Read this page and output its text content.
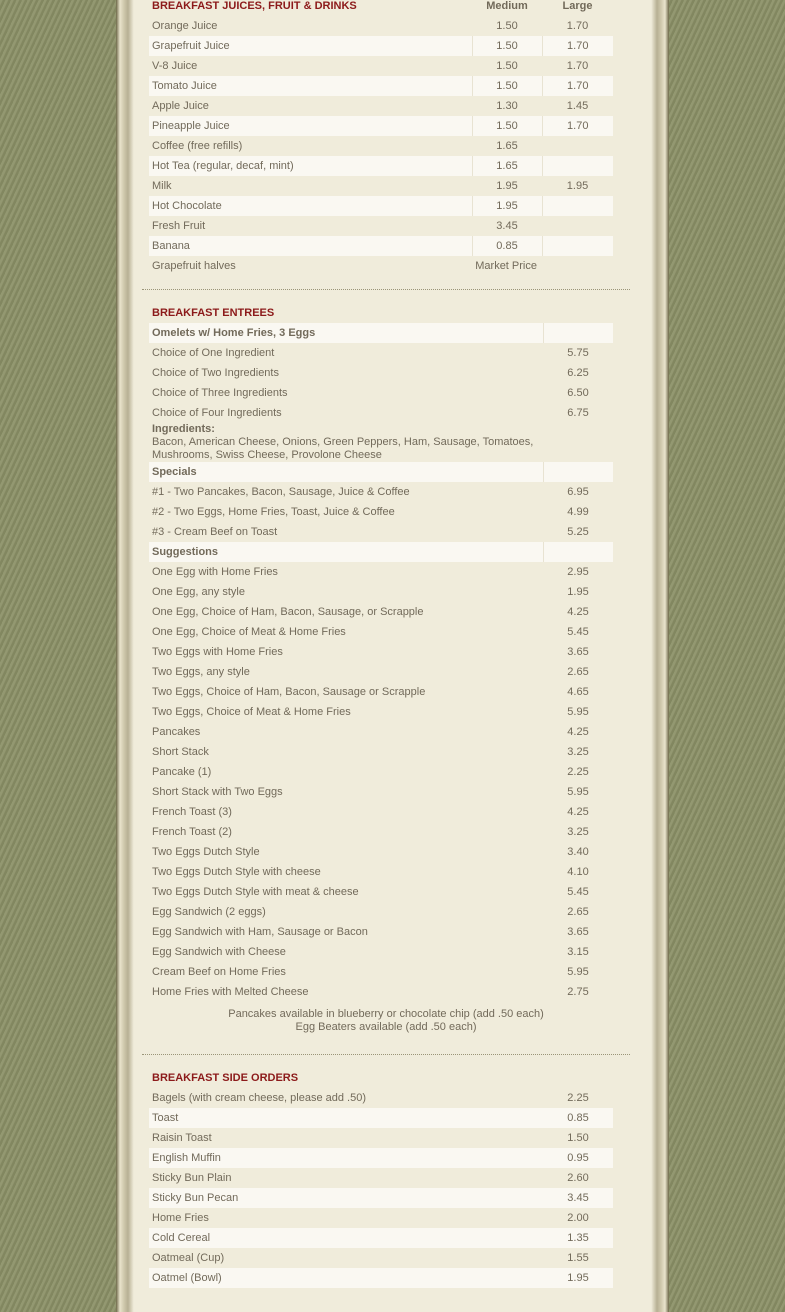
BREAKFAST JUICES, FRUIT & DRINKS	Medium	Large
Orange Juice	1.50	1.70
Grapefruit Juice	1.50	1.70
V-8 Juice	1.50	1.70
Tomato Juice	1.50	1.70
Apple Juice	1.30	1.45
Pineapple Juice	1.50	1.70
Coffee (free refills)	1.65	
Hot Tea (regular, decaf, mint)	1.65	
Milk	1.95	1.95
Hot Chocolate	1.95	
Fresh Fruit	3.45	
Banana	0.85	
Grapefruit halves	Market Price	
BREAKFAST ENTREES	
Omelets w/ Home Fries, 3 Eggs	
Choice of One Ingredient	5.75
Choice of Two Ingredients	6.25
Choice of Three Ingredients	6.50
Choice of Four Ingredients	6.75
Ingredients:
Bacon, American Cheese, Onions, Green Peppers, Ham, Sausage, Tomatoes, Mushrooms, Swiss Cheese, Provolone Cheese	
Specials	
#1 - Two Pancakes, Bacon, Sausage, Juice & Coffee	6.95
#2 - Two Eggs, Home Fries, Toast, Juice & Coffee	4.99
#3 - Cream Beef on Toast	5.25
Suggestions	
One Egg with Home Fries	2.95
One Egg, any style	1.95
One Egg, Choice of Ham, Bacon, Sausage, or Scrapple	4.25
One Egg, Choice of Meat & Home Fries	5.45
Two Eggs with Home Fries	3.65
Two Eggs, any style	2.65
Two Eggs, Choice of Ham, Bacon, Sausage or Scrapple	4.65
Two Eggs, Choice of Meat & Home Fries	5.95
Pancakes	4.25
Short Stack	3.25
Pancake (1)	2.25
Short Stack with Two Eggs	5.95
French Toast (3)	4.25
French Toast (2)	3.25
Two Eggs Dutch Style	3.40
Two Eggs Dutch Style with cheese	4.10
Two Eggs Dutch Style with meat & cheese	5.45
Egg Sandwich (2 eggs)	2.65
Egg Sandwich with Ham, Sausage or Bacon	3.65
Egg Sandwich with Cheese	3.15
Cream Beef on Home Fries	5.95
Home Fries with Melted Cheese	2.75
Pancakes available in blueberry or chocolate chip (add .50 each)
Egg Beaters available (add .50 each)
BREAKFAST SIDE ORDERS	
Bagels (with cream cheese, please add .50)	2.25
Toast	0.85
Raisin Toast	1.50
English Muffin	0.95
Sticky Bun Plain	2.60
Sticky Bun Pecan	3.45
Home Fries	2.00
Cold Cereal	1.35
Oatmeal (Cup)	1.55
Oatmel (Bowl)	1.95
